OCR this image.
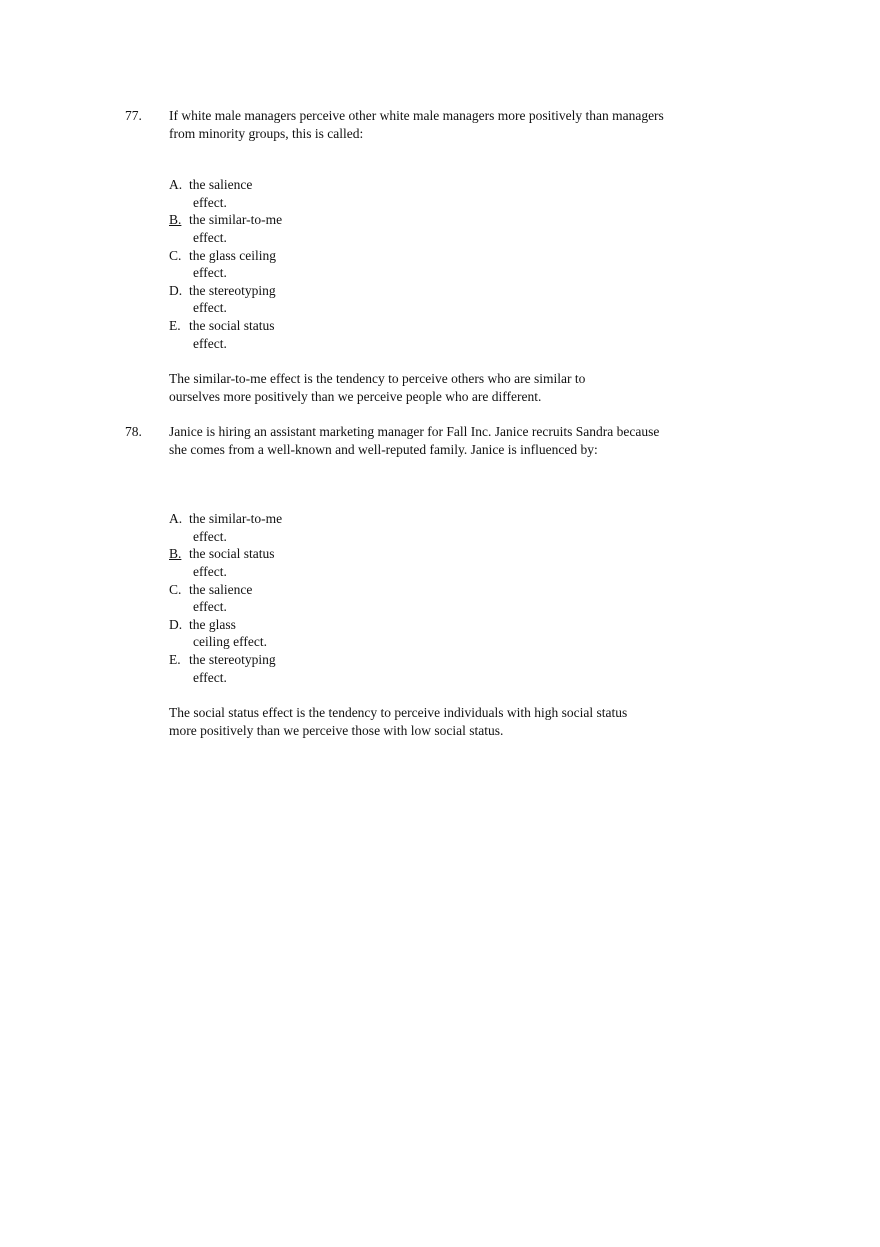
77. If white male managers perceive other white male managers more positively than managers from minority groups, this is called:
A. the salience
effect.
B. the similar-to-me
effect.
C. the glass ceiling
effect.
D. the stereotyping
effect.
E. the social status
effect.
The similar-to-me effect is the tendency to perceive others who are similar to ourselves more positively than we perceive people who are different.
78. Janice is hiring an assistant marketing manager for Fall Inc. Janice recruits Sandra because she comes from a well-known and well-reputed family. Janice is influenced by:
A. the similar-to-me
effect.
B. the social status
effect.
C. the salience
effect.
D. the glass
ceiling effect.
E. the stereotyping
effect.
The social status effect is the tendency to perceive individuals with high social status more positively than we perceive those with low social status.
